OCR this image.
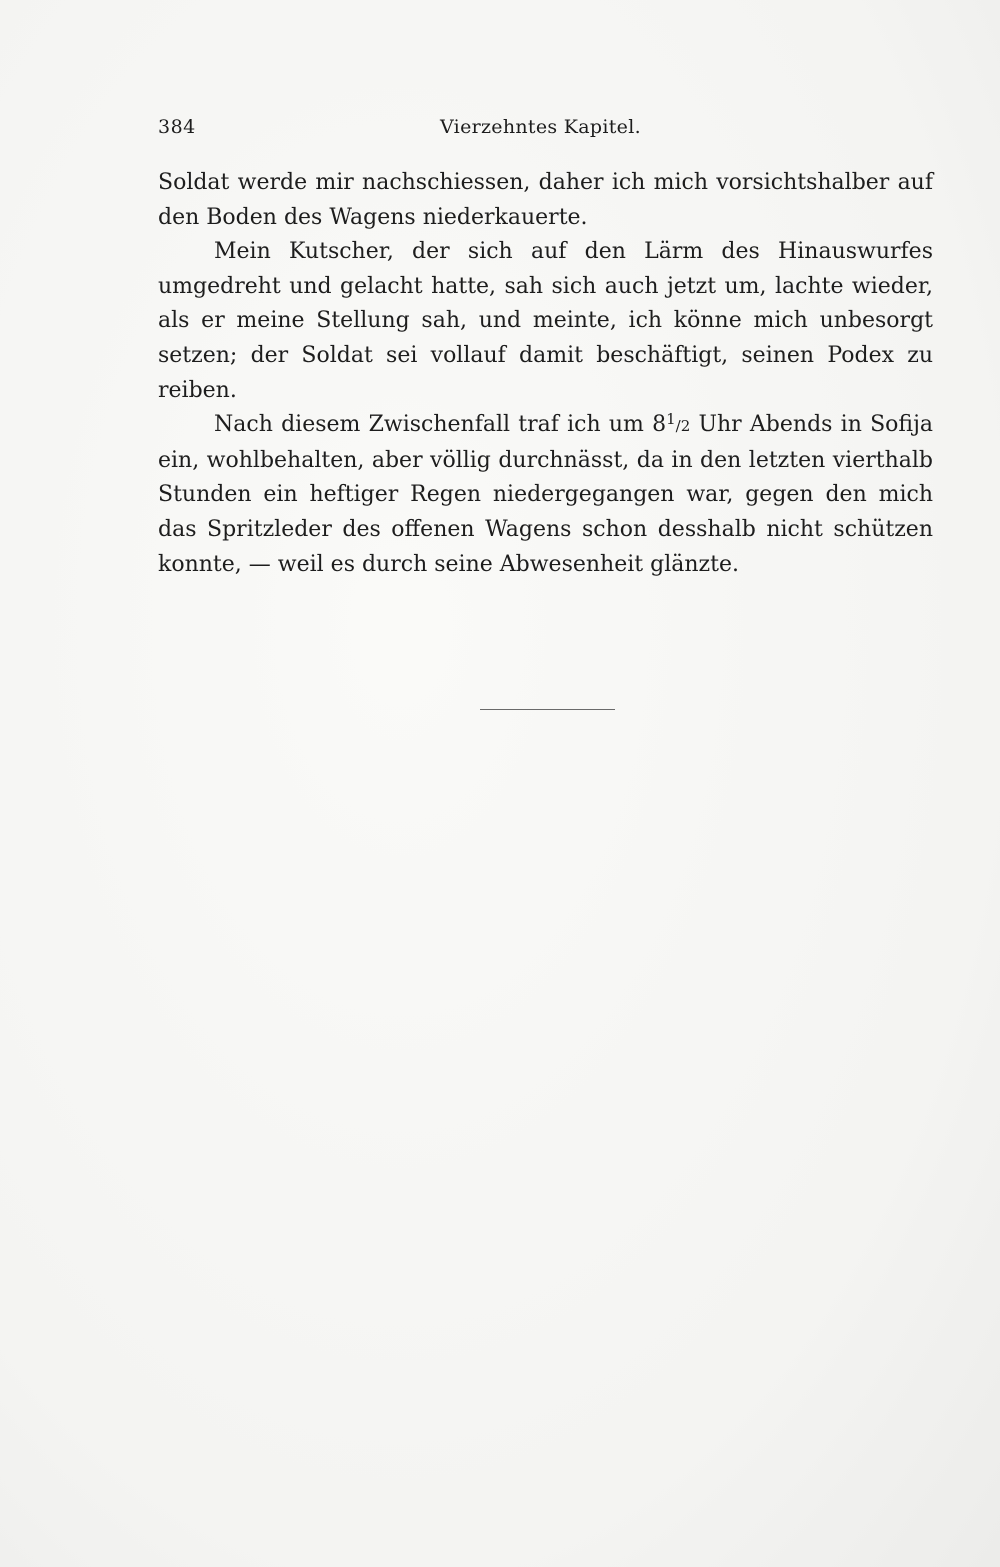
384	Vierzehntes Kapitel.

Soldat werde mir nachschiessen, daher ich mich vorsichtshalber auf den Boden des Wagens niederkauerte.

Mein Kutscher, der sich auf den Lärm des Hinauswurfes umgedreht und gelacht hatte, sah sich auch jetzt um, lachte wieder, als er meine Stellung sah, und meinte, ich könne mich unbesorgt setzen; der Soldat sei vollauf damit beschäftigt, seinen Podex zu reiben.

Nach diesem Zwischenfall traf ich um 81/2 Uhr Abends in Sofija ein, wohlbehalten, aber völlig durchnässt, da in den letzten vierthalb Stunden ein heftiger Regen niedergegangen war, gegen den mich das Spritzleder des offenen Wagens schon desshalb nicht schützen konnte, — weil es durch seine Abwesenheit glänzte.
